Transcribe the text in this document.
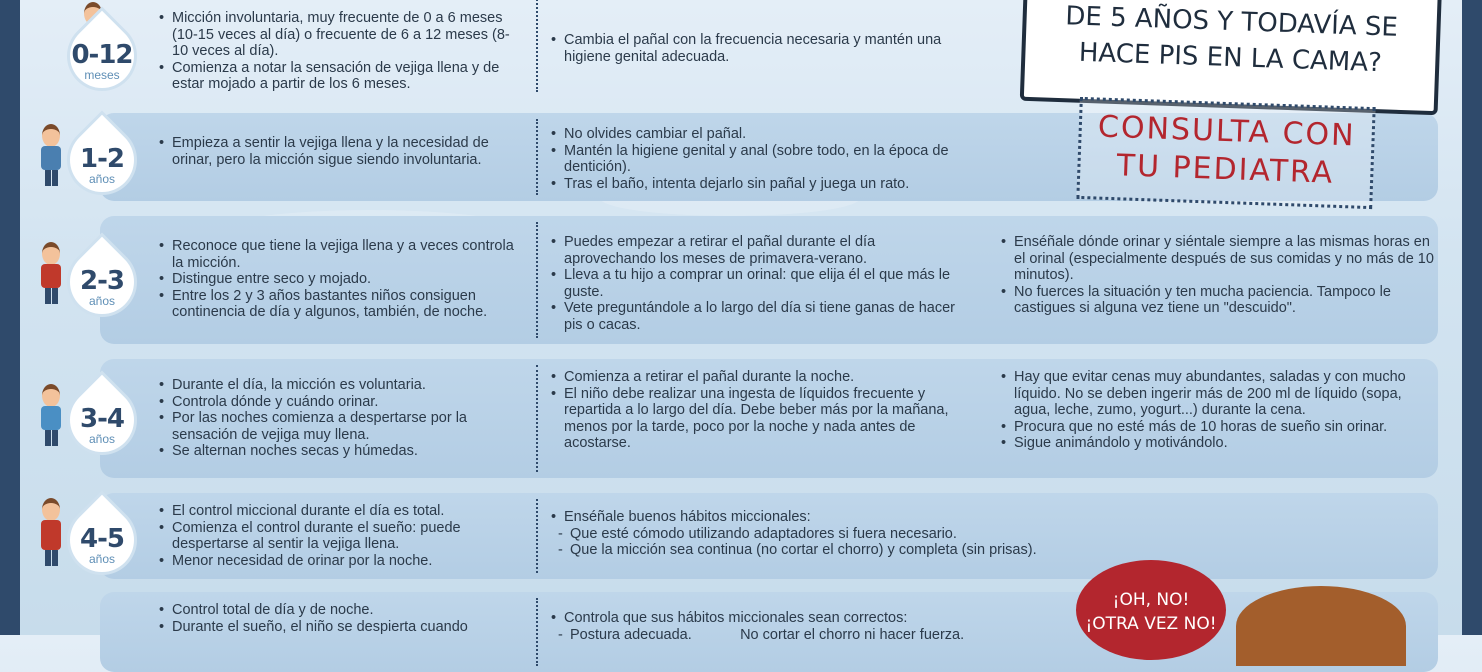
• Micción involuntaria, muy frecuente de 0 a 6 meses (10-15 veces al día) o frecuente de 6 a 12 meses (8-10 veces al día).
• Comienza a notar la sensación de vejiga llena y de estar mojado a partir de los 6 meses.
• Cambia el pañal con la frecuencia necesaria y mantén una higiene genital adecuada.
0-12
meses
• Empieza a sentir la vejiga llena y la necesidad de orinar, pero la micción sigue siendo involuntaria.
• No olvides cambiar el pañal.
• Mantén la higiene genital y anal (sobre todo, en la época de dentición).
• Tras el baño, intenta dejarlo sin pañal y juega un rato.
1-2
años
• Reconoce que tiene la vejiga llena y a veces controla la micción.
• Distingue entre seco y mojado.
• Entre los 2 y 3 años bastantes niños consiguen continencia de día y algunos, también, de noche.
• Puedes empezar a retirar el pañal durante el día aprovechando los meses de primavera-verano.
• Lleva a tu hijo a comprar un orinal: que elija él el que más le guste.
• Vete preguntándole a lo largo del día si tiene ganas de hacer pis o cacas.
• Enséñale dónde orinar y siéntale siempre a las mismas horas en el orinal (especialmente después de sus comidas y no más de 10 minutos).
• No fuerces la situación y ten mucha paciencia. Tampoco le castigues si alguna vez tiene un "descuido".
2-3
años
• Durante el día, la micción es voluntaria.
• Controla dónde y cuándo orinar.
• Por las noches comienza a despertarse por la sensación de vejiga muy llena.
• Se alternan noches secas y húmedas.
• Comienza a retirar el pañal durante la noche.
• El niño debe realizar una ingesta de líquidos frecuente y repartida a lo largo del día. Debe beber más por la mañana, menos por la tarde, poco por la noche y nada antes de acostarse.
• Hay que evitar cenas muy abundantes, saladas y con mucho líquido. No se deben ingerir más de 200 ml de líquido (sopa, agua, leche, zumo, yogurt...) durante la cena.
• Procura que no esté más de 10 horas de sueño sin orinar.
• Sigue animándolo y motivándolo.
3-4
años
• El control miccional durante el día es total.
• Comienza el control durante el sueño: puede despertarse al sentir la vejiga llena.
• Menor necesidad de orinar por la noche.
• Enséñale buenos hábitos miccionales:
- Que esté cómodo utilizando adaptadores si fuera necesario.
- Que la micción sea continua (no cortar el chorro) y completa (sin prisas).
4-5
años
• Control total de día y de noche.
• Durante el sueño, el niño se despierta cuando
• Controla que sus hábitos miccionales sean correctos:
- Postura adecuada.            No cortar el chorro ni hacer fuerza.
DE 5 AÑOS Y TODAVÍA SE
HACE PIS EN LA CAMA?
CONSULTA CON
TU PEDIATRA
¡OH, NO!
¡OTRA VEZ NO!
